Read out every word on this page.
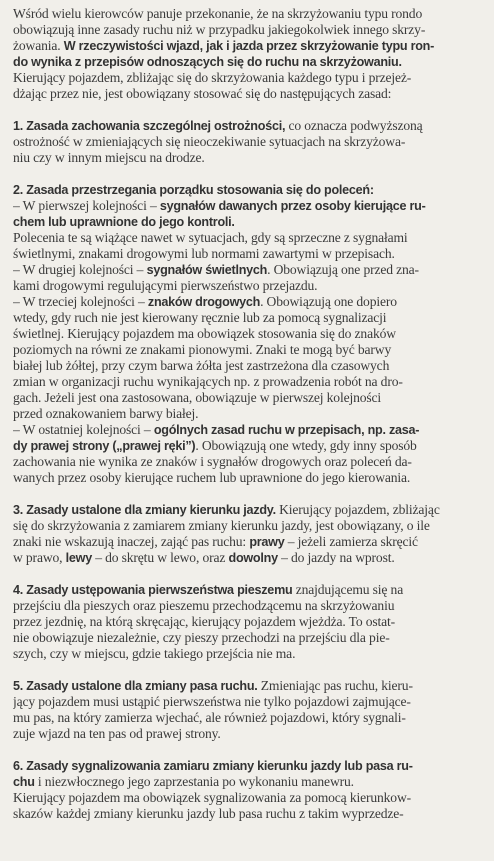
Wśród wielu kierowców panuje przekonanie, że na skrzyżowaniu typu rondo
obowiązują inne zasady ruchu niż w przypadku jakiegokolwiek innego skrzy-
żowania. W rzeczywistości wjazd, jak i jazda przez skrzyżowanie typu ron-
do wynika z przepisów odnoszących się do ruchu na skrzyżowaniu.
Kierujący pojazdem, zbliżając się do skrzyżowania każdego typu i przejeż-
dżając przez nie, jest obowiązany stosować się do następujących zasad:
1. Zasada zachowania szczególnej ostrożności, co oznacza podwyższoną
ostrożność w zmieniających się nieoczekiwanie sytuacjach na skrzyżowa-
niu czy w innym miejscu na drodze.
2. Zasada przestrzegania porządku stosowania się do poleceń:
– W pierwszej kolejności – sygnałów dawanych przez osoby kierujące ru-
chem lub uprawnione do jego kontroli.
Polecenia te są wiążące nawet w sytuacjach, gdy są sprzeczne z sygnałami
świetlnymi, znakami drogowymi lub normami zawartymi w przepisach.
– W drugiej kolejności – sygnałów świetlnych. Obowiązują one przed zna-
kami drogowymi regulującymi pierwszeństwo przejazdu.
– W trzeciej kolejności – znaków drogowych. Obowiązują one dopiero
wtedy, gdy ruch nie jest kierowany ręcznie lub za pomocą sygnalizacji
świetlnej. Kierujący pojazdem ma obowiązek stosowania się do znaków
poziomych na równi ze znakami pionowymi. Znaki te mogą być barwy
białej lub żółtej, przy czym barwa żółta jest zastrzeżona dla czasowych
zmian w organizacji ruchu wynikających np. z prowadzenia robót na dro-
gach. Jeżeli jest ona zastosowana, obowiązuje w pierwszej kolejności
przed oznakowaniem barwy białej.
– W ostatniej kolejności – ogólnych zasad ruchu w przepisach, np. zasa-
dy prawej strony („prawej ręki”). Obowiązują one wtedy, gdy inny sposób
zachowania nie wynika ze znaków i sygnałów drogowych oraz poleceń da-
wanych przez osoby kierujące ruchem lub uprawnione do jego kierowania.
3. Zasady ustalone dla zmiany kierunku jazdy. Kierujący pojazdem, zbliżając
się do skrzyżowania z zamiarem zmiany kierunku jazdy, jest obowiązany, o ile
znaki nie wskazują inaczej, zająć pas ruchu: prawy – jeżeli zamierza skręcić
w prawo, lewy – do skrętu w lewo, oraz dowolny – do jazdy na wprost.
4. Zasady ustępowania pierwszeństwa pieszemu znajdującemu się na
przejściu dla pieszych oraz pieszemu przechodzącemu na skrzyżowaniu
przez jezdnię, na którą skręcając, kierujący pojazdem wjeżdża. To ostat-
nie obowiązuje niezależnie, czy pieszy przechodzi na przejściu dla pie-
szych, czy w miejscu, gdzie takiego przejścia nie ma.
5. Zasady ustalone dla zmiany pasa ruchu. Zmieniając pas ruchu, kieru-
jący pojazdem musi ustąpić pierwszeństwa nie tylko pojazdowi zajmujące-
mu pas, na który zamierza wjechać, ale również pojazdowi, który sygnali-
zuje wjazd na ten pas od prawej strony.
6. Zasady sygnalizowania zamiaru zmiany kierunku jazdy lub pasa ru-
chu i niezwłocznego jego zaprzestania po wykonaniu manewru.
Kierujący pojazdem ma obowiązek sygnalizowania za pomocą kierunkow-
skazów każdej zmiany kierunku jazdy lub pasa ruchu z takim wyprzedze-
